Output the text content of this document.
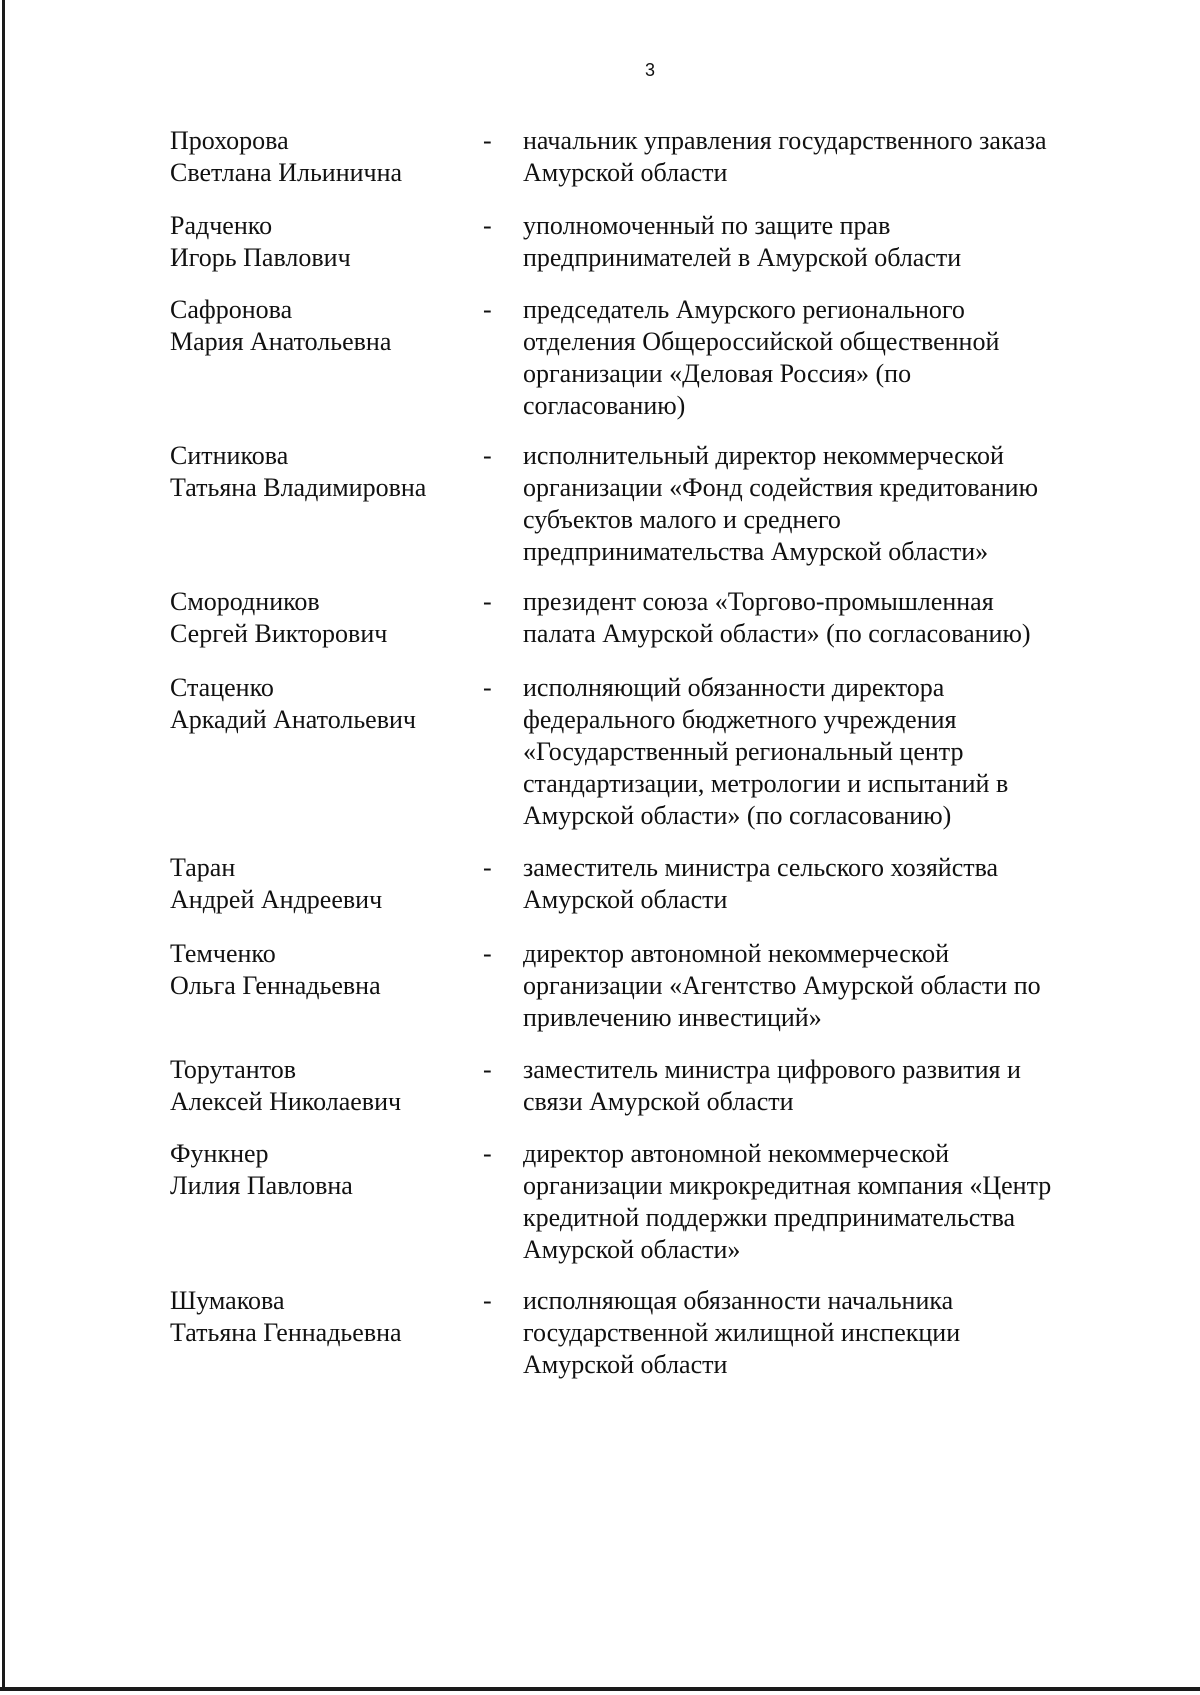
3
Прохорова
Светлана Ильинична
- начальник управления государственного заказа
Амурской области
Радченко
Игорь Павлович
- уполномоченный по защите прав
предпринимателей в Амурской области
Сафронова
Мария Анатольевна
- председатель Амурского регионального
отделения Общероссийской общественной
организации «Деловая Россия» (по
согласованию)
Ситникова
Татьяна Владимировна
- исполнительный директор некоммерческой
организации «Фонд содействия кредитованию
субъектов малого и среднего
предпринимательства Амурской области»
Смородников
Сергей Викторович
- президент союза «Торгово-промышленная
палата Амурской области» (по согласованию)
Стаценко
Аркадий Анатольевич
- исполняющий обязанности директора
федерального бюджетного учреждения
«Государственный региональный центр
стандартизации, метрологии и испытаний в
Амурской области» (по согласованию)
Таран
Андрей Андреевич
- заместитель министра сельского хозяйства
Амурской области
Темченко
Ольга Геннадьевна
- директор автономной некоммерческой
организации «Агентство Амурской области по
привлечению инвестиций»
Торутантов
Алексей Николаевич
- заместитель министра цифрового развития и
связи Амурской области
Функнер
Лилия Павловна
- директор автономной некоммерческой
организации микрокредитная компания «Центр
кредитной поддержки предпринимательства
Амурской области»
Шумакова
Татьяна Геннадьевна
- исполняющая обязанности начальника
государственной жилищной инспекции
Амурской области
